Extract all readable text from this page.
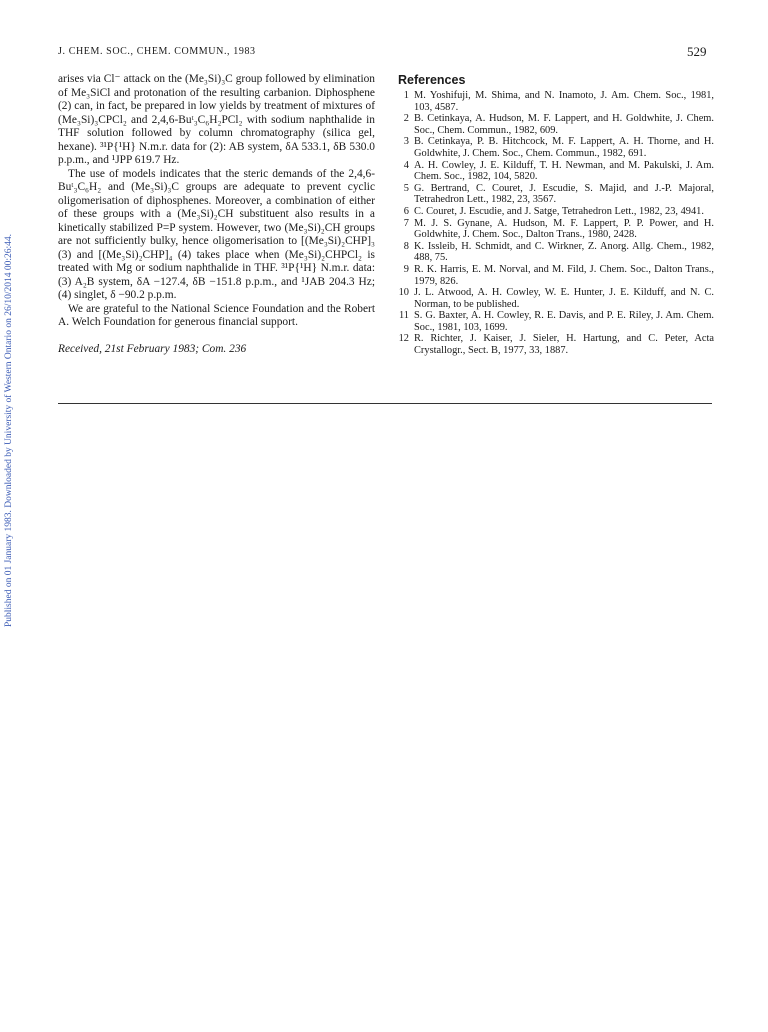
J. CHEM. SOC., CHEM. COMMUN., 1983	529
Published on 01 January 1983. Downloaded by University of Western Ontario on 26/10/2014 00:26:44.

arises via Cl⁻ attack on the (Me₃Si)₃C group followed by elimination of Me₃SiCl and protonation of the resulting carbanion. Diphosphene (2) can, in fact, be prepared in low yields by treatment of mixtures of (Me₃Si)₃CPCl₂ and 2,4,6-Buᵗ₃C₆H₂PCl₂ with sodium naphthalide in THF solution followed by column chromatography (silica gel, hexane). ³¹P{¹H} N.m.r. data for (2): AB system, δA 533.1, δB 530.0 p.p.m., and ¹JPP 619.7 Hz.

The use of models indicates that the steric demands of the 2,4,6-Buᵗ₃C₆H₂ and (Me₃Si)₃C groups are adequate to prevent cyclic oligomerisation of diphosphenes. Moreover, a combination of either of these groups with a (Me₃Si)₂CH substituent also results in a kinetically stabilized P=P system. However, two (Me₃Si)₂CH groups are not sufficiently bulky, hence oligomerisation to [(Me₃Si)₂CHP]₃ (3) and [(Me₃Si)₂CHP]₄ (4) takes place when (Me₃Si)₂CHPCl₂ is treated with Mg or sodium naphthalide in THF. ³¹P{¹H} N.m.r. data: (3) A₂B system, δA −127.4, δB −151.8 p.p.m., and ¹JAB 204.3 Hz; (4) singlet, δ −90.2 p.p.m.

We are grateful to the National Science Foundation and the Robert A. Welch Foundation for generous financial support.

Received, 21st February 1983; Com. 236

References
1 M. Yoshifuji, M. Shima, and N. Inamoto, J. Am. Chem. Soc., 1981, 103, 4587.
2 B. Cetinkaya, A. Hudson, M. F. Lappert, and H. Goldwhite, J. Chem. Soc., Chem. Commun., 1982, 609.
3 B. Cetinkaya, P. B. Hitchcock, M. F. Lappert, A. H. Thorne, and H. Goldwhite, J. Chem. Soc., Chem. Commun., 1982, 691.
4 A. H. Cowley, J. E. Kilduff, T. H. Newman, and M. Pakulski, J. Am. Chem. Soc., 1982, 104, 5820.
5 G. Bertrand, C. Couret, J. Escudie, S. Majid, and J.-P. Majoral, Tetrahedron Lett., 1982, 23, 3567.
6 C. Couret, J. Escudie, and J. Satge, Tetrahedron Lett., 1982, 23, 4941.
7 M. J. S. Gynane, A. Hudson, M. F. Lappert, P. P. Power, and H. Goldwhite, J. Chem. Soc., Dalton Trans., 1980, 2428.
8 K. Issleib, H. Schmidt, and C. Wirkner, Z. Anorg. Allg. Chem., 1982, 488, 75.
9 R. K. Harris, E. M. Norval, and M. Fild, J. Chem. Soc., Dalton Trans., 1979, 826.
10 J. L. Atwood, A. H. Cowley, W. E. Hunter, J. E. Kilduff, and N. C. Norman, to be published.
11 S. G. Baxter, A. H. Cowley, R. E. Davis, and P. E. Riley, J. Am. Chem. Soc., 1981, 103, 1699.
12 R. Richter, J. Kaiser, J. Sieler, H. Hartung, and C. Peter, Acta Crystallogr., Sect. B, 1977, 33, 1887.
